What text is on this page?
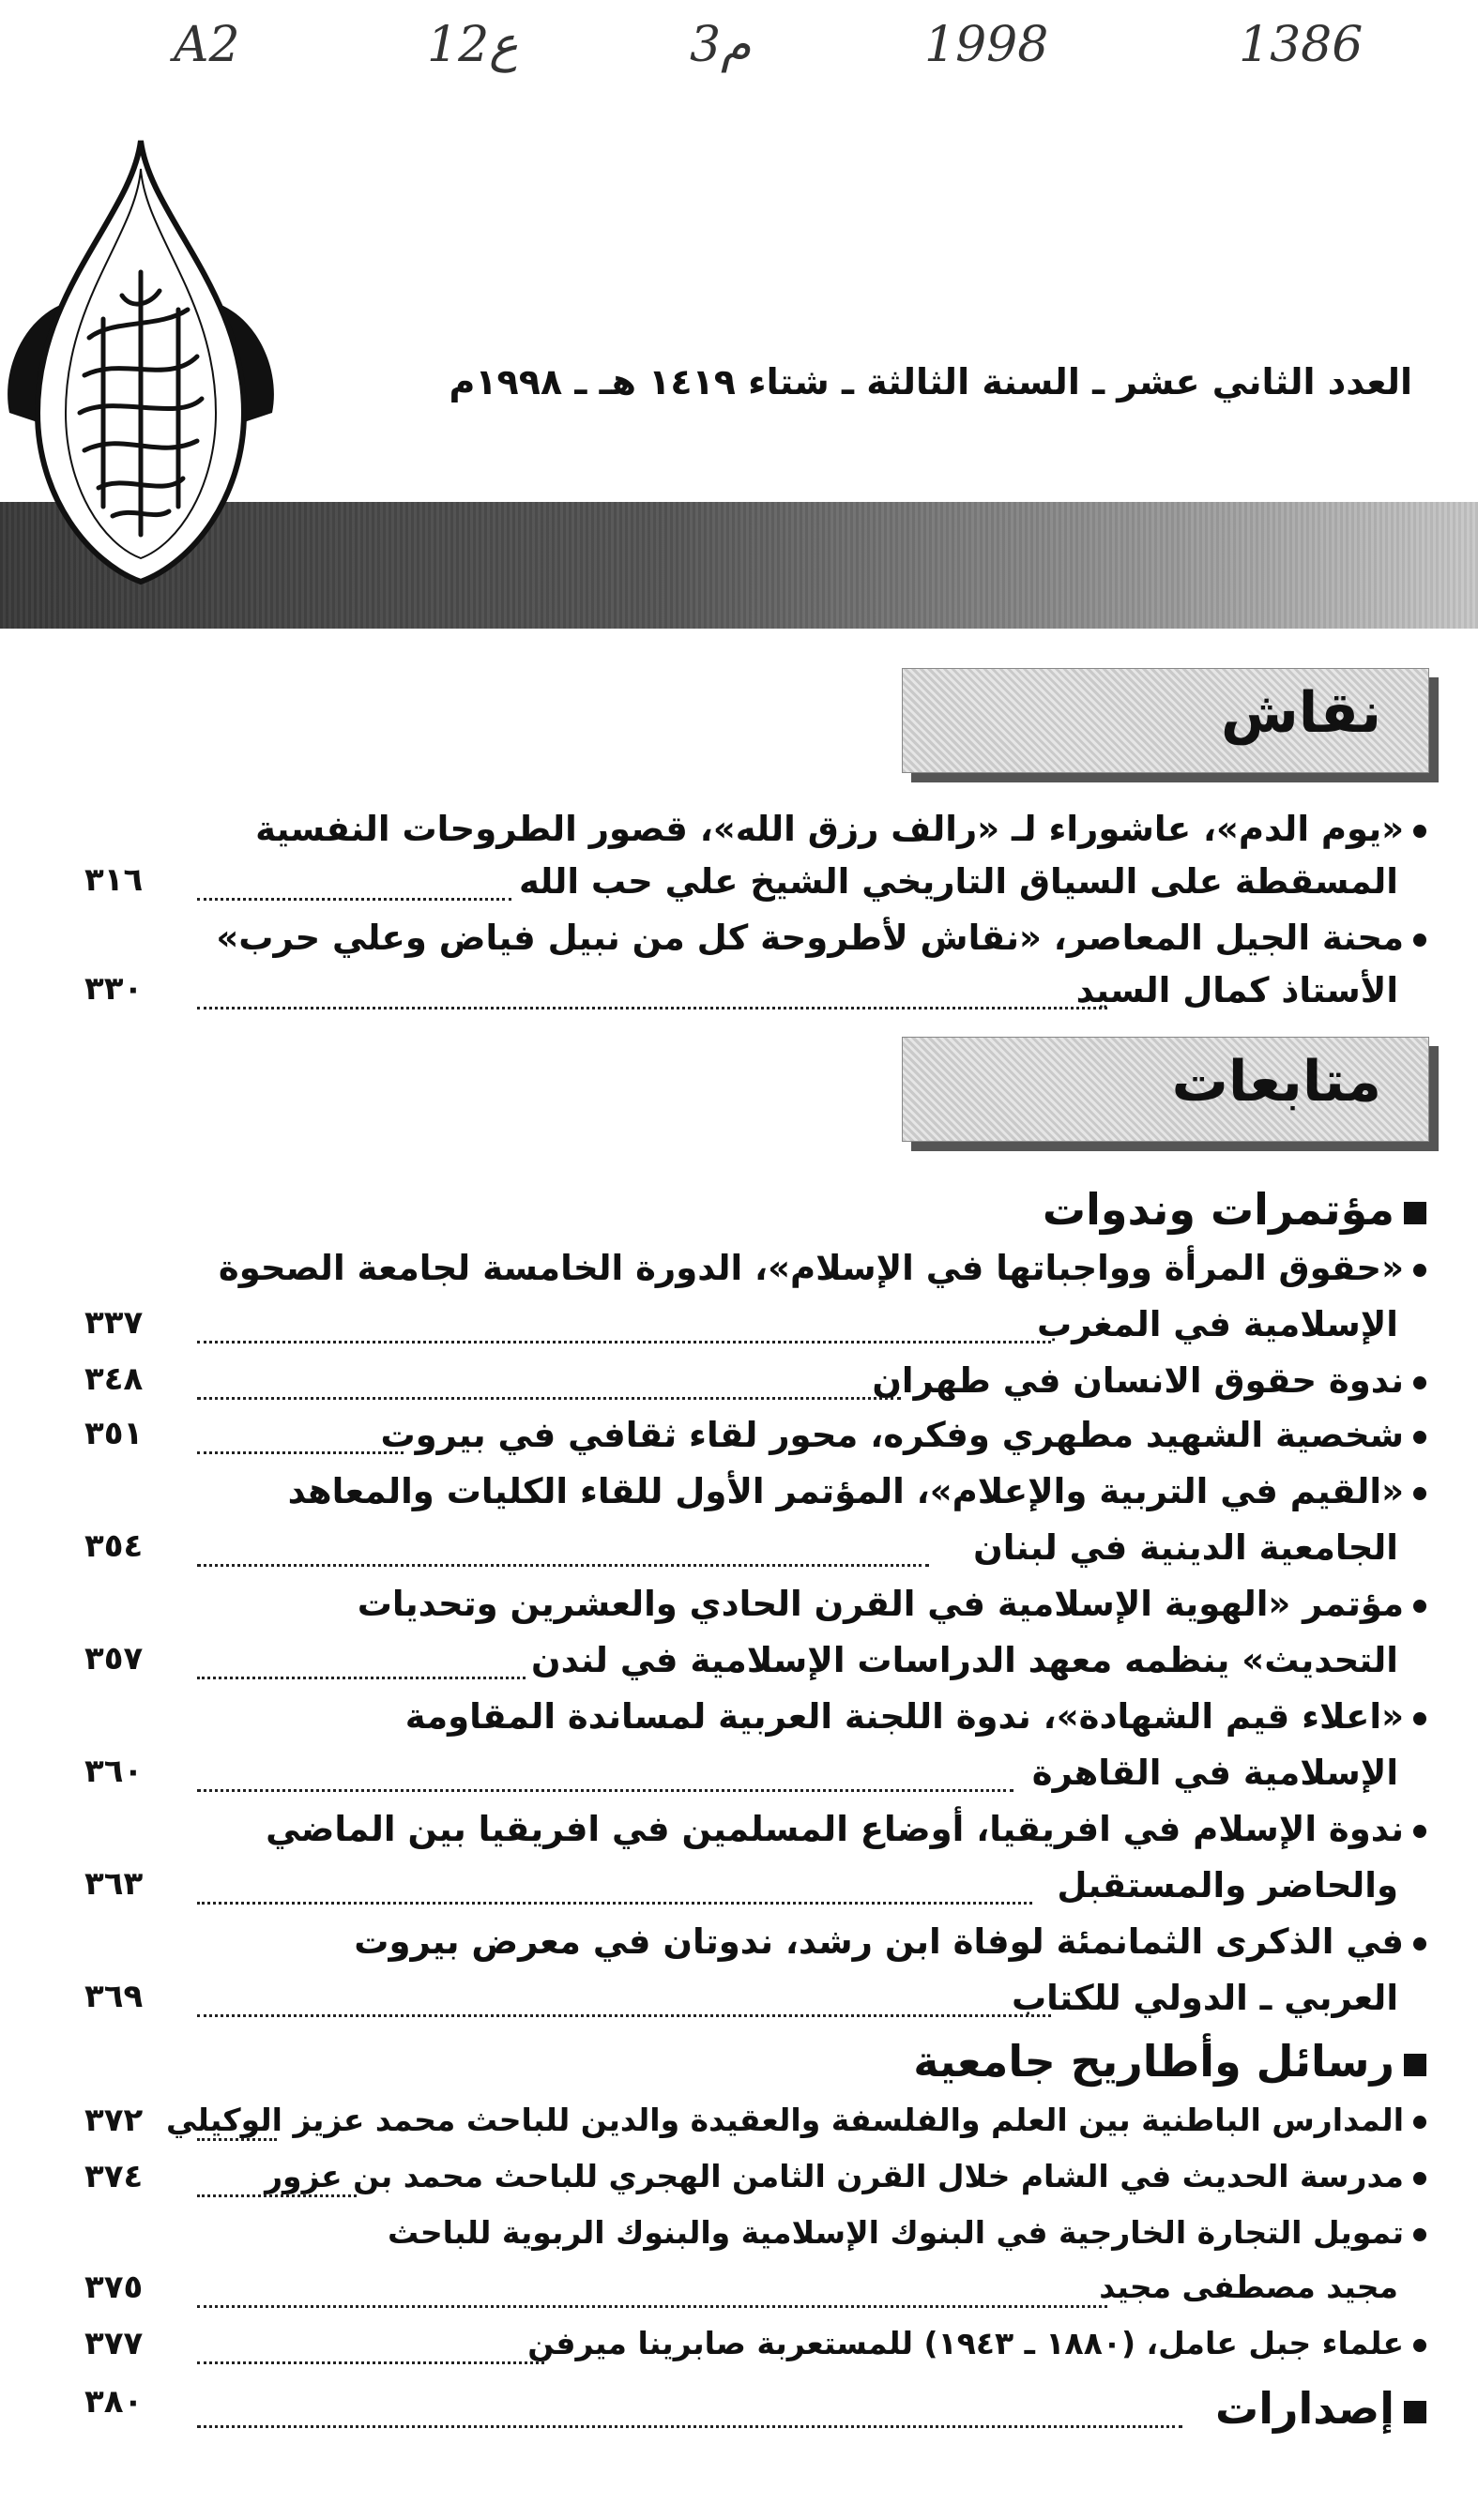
A2	12ع	3م	1998	1386
العدد الثاني عشر ـ السنة الثالثة ـ شتاء ١٤١٩ هـ ـ ١٩٩٨م
نقاش
متابعات
«يوم الدم»، عاشوراء لـ «رالف رزق الله»، قصور الطروحات النفسية
المسقطة على السياق التاريخي الشيخ علي حب الله
٣١٦
محنة الجيل المعاصر، «نقاش لأطروحة كل من نبيل فياض وعلي حرب»
الأستاذ كمال السيد
٣٣٠
مؤتمرات وندوات
«حقوق المرأة وواجباتها في الإسلام»، الدورة الخامسة لجامعة الصحوة
الإسلامية في المغرب
٣٣٧
ندوة حقوق الانسان في طهران
٣٤٨
شخصية الشهيد مطهري وفكره، محور لقاء ثقافي في بيروت
٣٥١
«القيم في التربية والإعلام»، المؤتمر الأول للقاء الكليات والمعاهد
الجامعية الدينية في لبنان
٣٥٤
مؤتمر «الهوية الإسلامية في القرن الحادي والعشرين وتحديات
التحديث» ينظمه معهد الدراسات الإسلامية في لندن
٣٥٧
«اعلاء قيم الشهادة»، ندوة اللجنة العربية لمساندة المقاومة
الإسلامية في القاهرة
٣٦٠
ندوة الإسلام في افريقيا، أوضاع المسلمين في افريقيا بين الماضي
والحاضر والمستقبل
٣٦٣
في الذكرى الثمانمئة لوفاة ابن رشد، ندوتان في معرض بيروت
العربي ـ الدولي للكتاب
٣٦٩
رسائل وأطاريح جامعية
المدارس الباطنية بين العلم والفلسفة والعقيدة والدين للباحث محمد عزيز الوكيلي
٣٧٢
مدرسة الحديث في الشام خلال القرن الثامن الهجري للباحث محمد بن عزور
٣٧٤
تمويل التجارة الخارجية في البنوك الإسلامية والبنوك الربوية للباحث
مجيد مصطفى مجيد
٣٧٥
علماء جبل عامل، (١٨٨٠ ـ ١٩٤٣) للمستعربة صابرينا ميرفن
٣٧٧
إصدارات
٣٨٠
